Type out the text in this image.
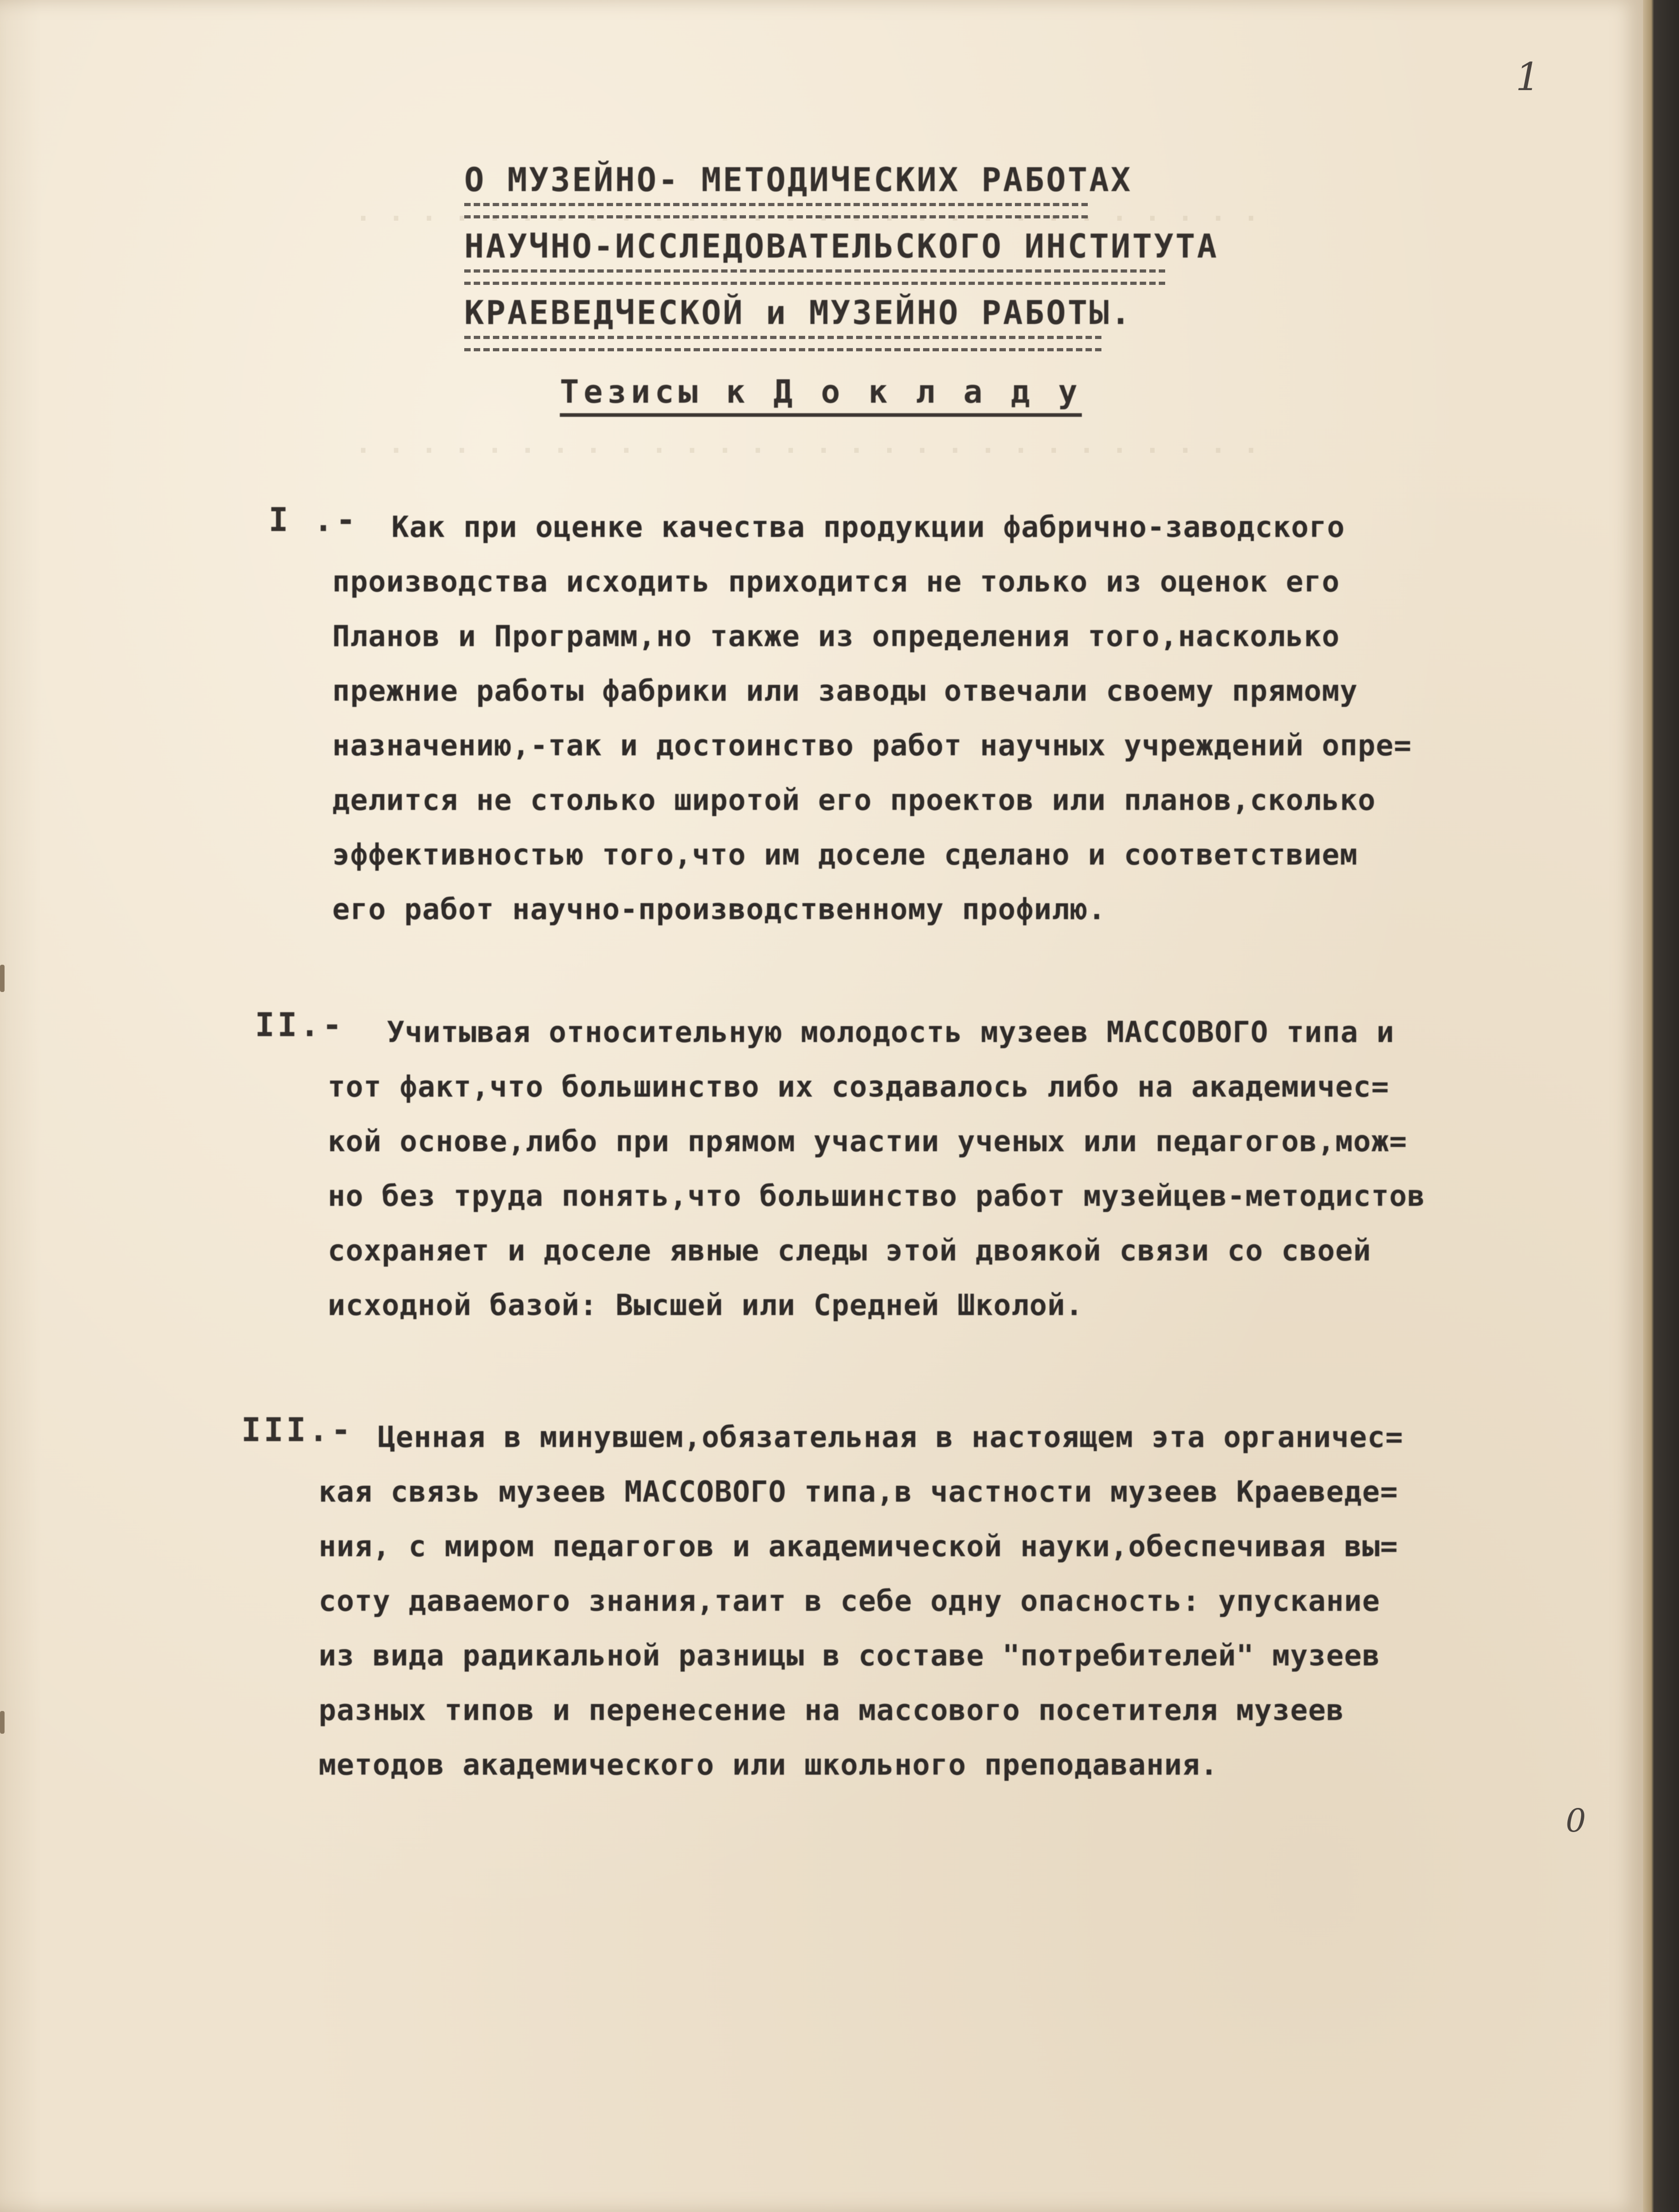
. . . . . . . . . . . . . . . . . . . . . . . . . . . .
. . . . . . . . . . . . . . . . . . . . . . . . . . . .
1
О МУЗЕЙНО- МЕТОДИЧЕСКИХ РАБОТАХ
НАУЧНО-ИССЛЕДОВАТЕЛЬСКОГО ИНСТИТУТА
КРАЕВЕДЧЕСКОЙ и МУЗЕЙНО РАБОТЫ.
Тезисы к Д о к л а д у
I .- Как при оценке качества продукции фабрично-заводского
производства исходить приходится не только из оценок его
Планов и Программ,но также из определения того,насколько
прежние работы фабрики или заводы отвечали своему прямому
назначению,-так и достоинство работ научных учреждений опре=
делится не столько широтой его проектов или планов,сколько
эффективностью того,что им доселе сделано и соответствием
его работ научно-производственному профилю.
II.- Учитывая относительную молодость музеев МАССОВОГО типа и
тот факт,что большинство их создавалось либо на академичес=
кой основе,либо при прямом участии ученых или педагогов,мож=
но без труда понять,что большинство работ музейцев-методистов
сохраняет и доселе явные следы этой двоякой связи со своей
исходной базой: Высшей или Средней Школой.
III.- Ценная в минувшем,обязательная в настоящем эта органичес=
кая связь музеев МАССОВОГО типа,в частности музеев Краеведе=
ния, с миром педагогов и академической науки,обеспечивая вы=
соту даваемого знания,таит в себе одну опасность: упускание
из вида радикальной разницы в составе "потребителей" музеев
разных типов и перенесение на массового посетителя музеев
методов академического или школьного преподавания.
0
